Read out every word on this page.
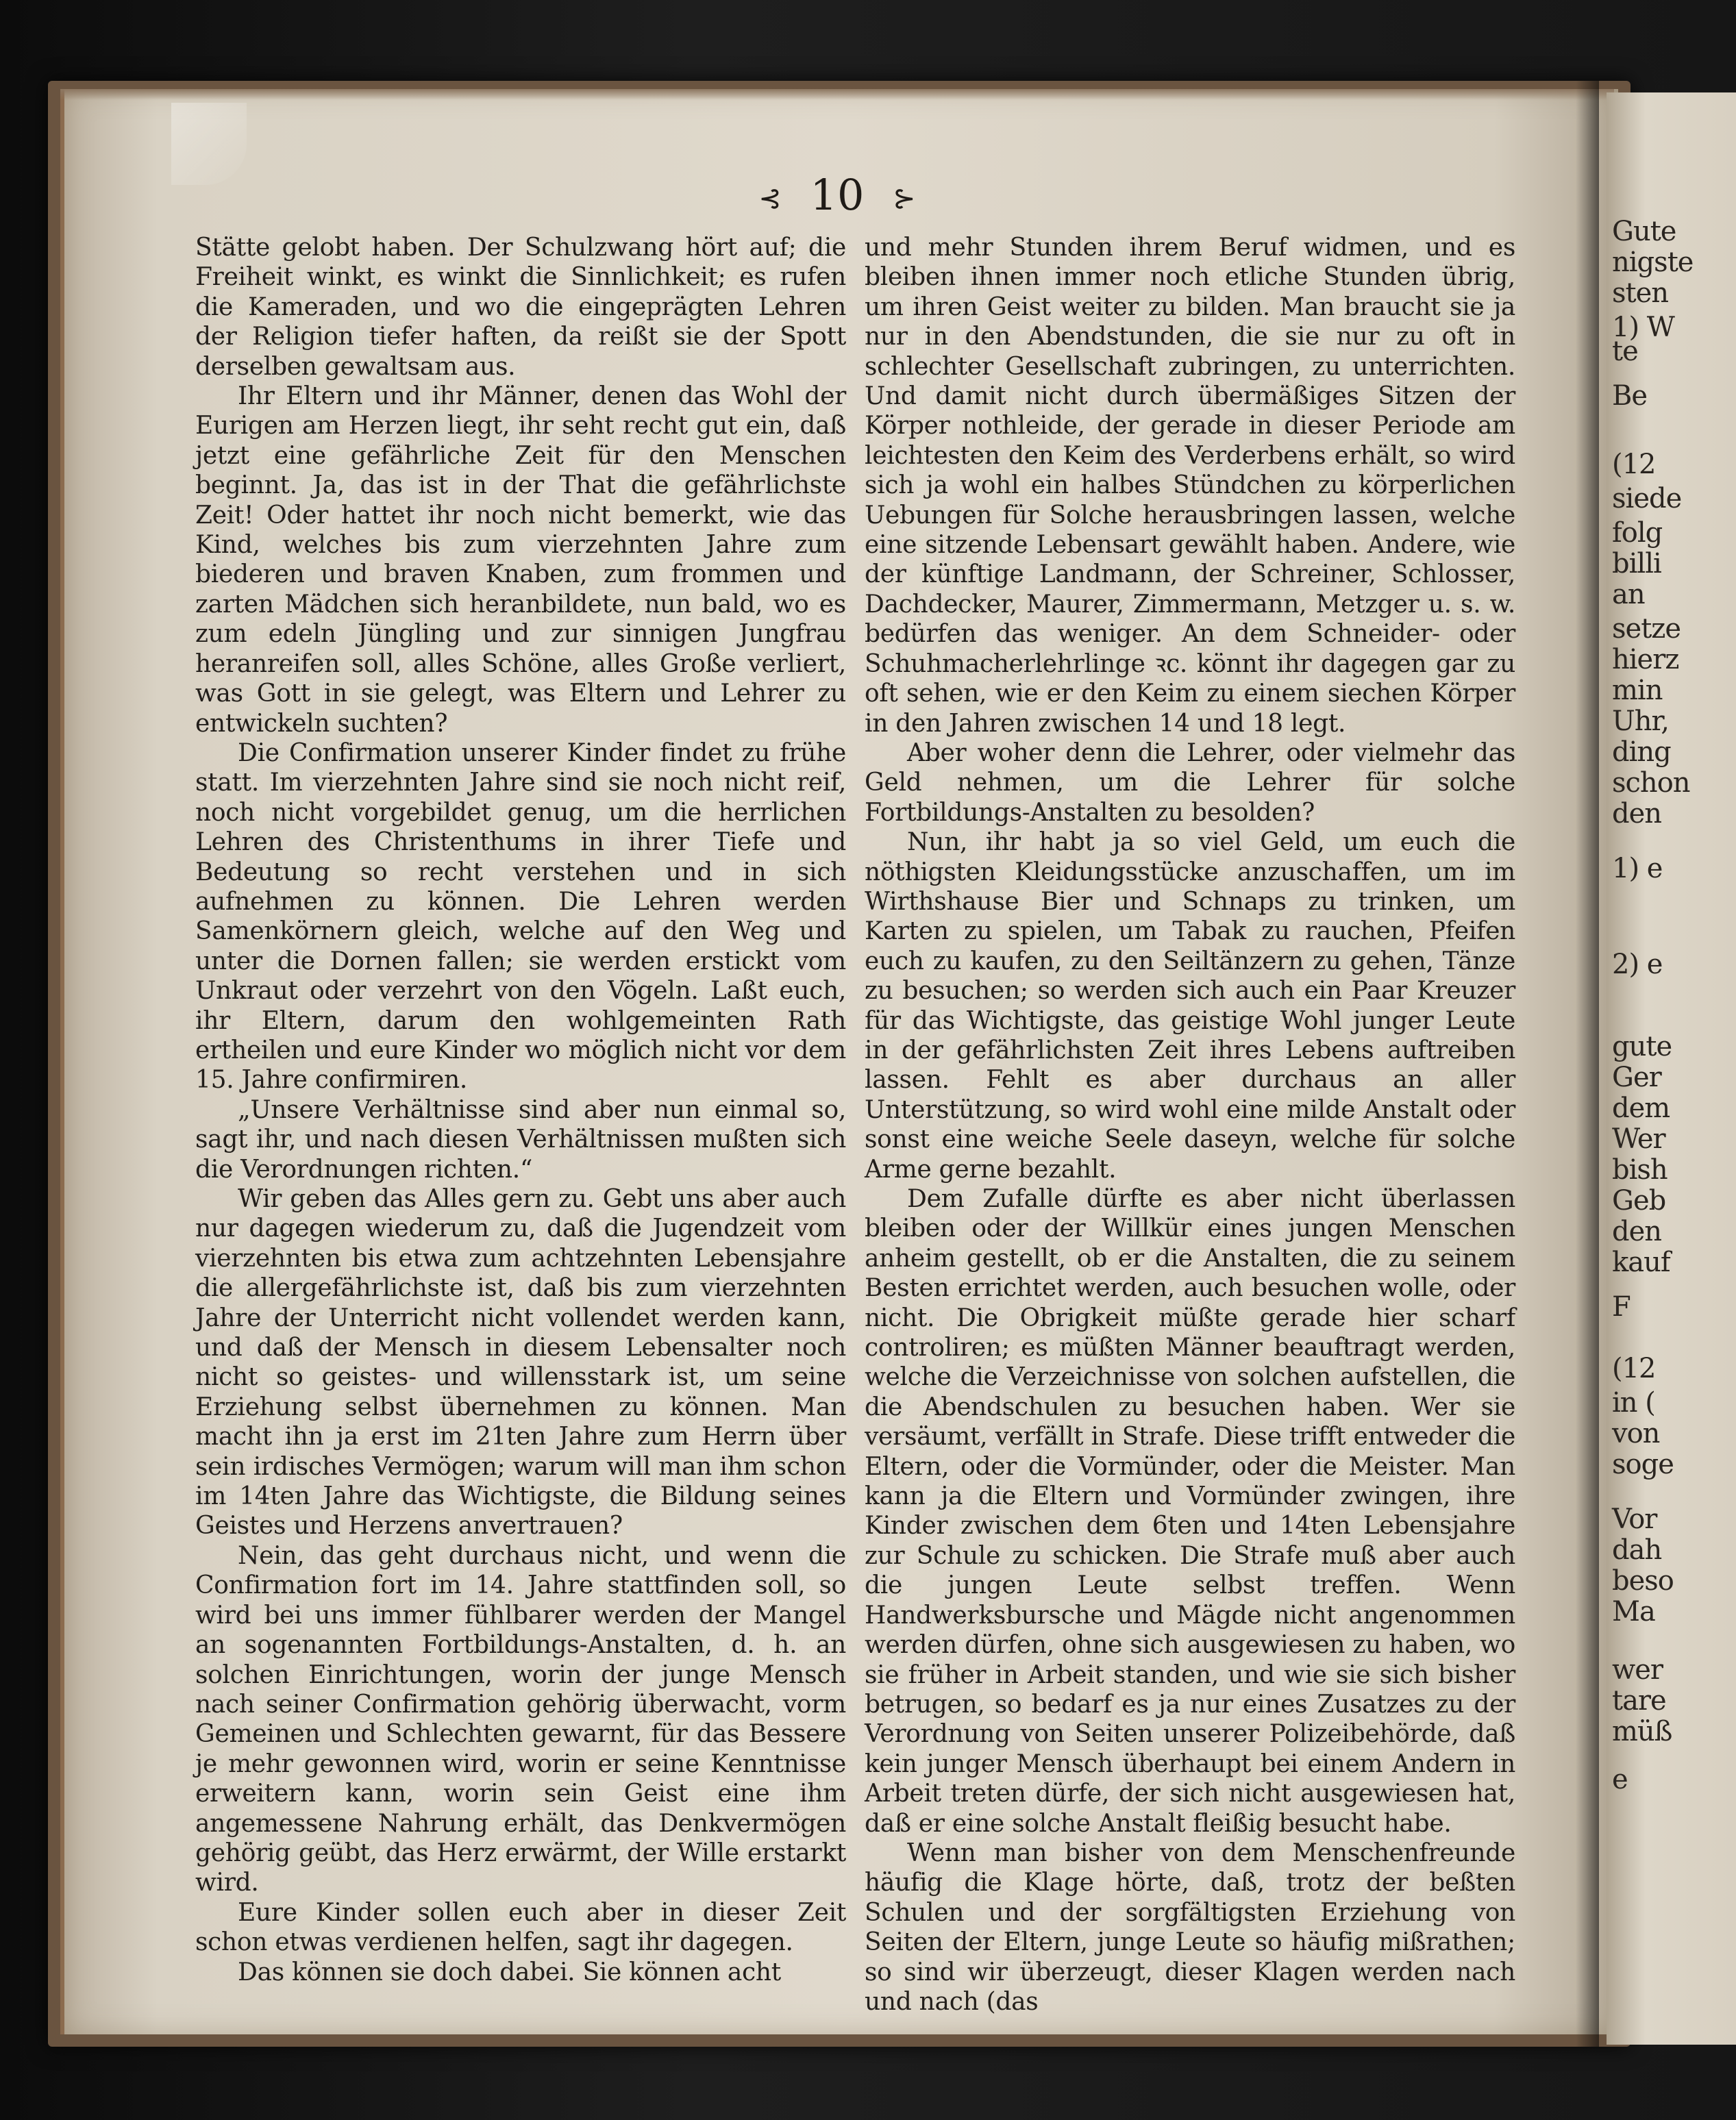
Gute
nigste
sten
1) W
te
Be
(12
siede
folg
billi
an
setze
hierz
min
Uhr,
ding
schon
den
1) e
2) e
gute
Ger
dem
Wer
bish
Geb
den
kauf
F
(12
in (
von
soge
Vor
dah
beso
Ma
wer
tare
müß
e
⊰ 10 ⊱

Stätte gelobt haben. Der Schulzwang hört auf; die Freiheit winkt, es winkt die Sinnlichkeit; es rufen die Kameraden, und wo die eingeprägten Lehren der Religion tiefer haften, da reißt sie der Spott derselben gewaltsam aus.

Ihr Eltern und ihr Männer, denen das Wohl der Eurigen am Herzen liegt, ihr seht recht gut ein, daß jetzt eine gefährliche Zeit für den Menschen beginnt. Ja, das ist in der That die gefährlichste Zeit! Oder hattet ihr noch nicht bemerkt, wie das Kind, welches bis zum vierzehnten Jahre zum biederen und braven Knaben, zum frommen und zarten Mädchen sich heranbildete, nun bald, wo es zum edeln Jüngling und zur sinnigen Jungfrau heranreifen soll, alles Schöne, alles Große verliert, was Gott in sie gelegt, was Eltern und Lehrer zu entwickeln suchten?

Die Confirmation unserer Kinder findet zu frühe statt. Im vierzehnten Jahre sind sie noch nicht reif, noch nicht vorgebildet genug, um die herrlichen Lehren des Christenthums in ihrer Tiefe und Bedeutung so recht verstehen und in sich aufnehmen zu können. Die Lehren werden Samenkörnern gleich, welche auf den Weg und unter die Dornen fallen; sie werden erstickt vom Unkraut oder verzehrt von den Vögeln. Laßt euch, ihr Eltern, darum den wohlgemeinten Rath ertheilen und eure Kinder wo möglich nicht vor dem 15. Jahre confirmiren.

„Unsere Verhältnisse sind aber nun einmal so, sagt ihr, und nach diesen Verhältnissen mußten sich die Verordnungen richten.“

Wir geben das Alles gern zu. Gebt uns aber auch nur dagegen wiederum zu, daß die Jugendzeit vom vierzehnten bis etwa zum achtzehnten Lebensjahre die allergefährlichste ist, daß bis zum vierzehnten Jahre der Unterricht nicht vollendet werden kann, und daß der Mensch in diesem Lebensalter noch nicht so geistes- und willensstark ist, um seine Erziehung selbst übernehmen zu können. Man macht ihn ja erst im 21ten Jahre zum Herrn über sein irdisches Vermögen; warum will man ihm schon im 14ten Jahre das Wichtigste, die Bildung seines Geistes und Herzens anvertrauen?

Nein, das geht durchaus nicht, und wenn die Confirmation fort im 14. Jahre stattfinden soll, so wird bei uns immer fühlbarer werden der Mangel an sogenannten Fortbildungs-Anstalten, d. h. an solchen Einrichtungen, worin der junge Mensch nach seiner Confirmation gehörig überwacht, vorm Gemeinen und Schlechten gewarnt, für das Bessere je mehr gewonnen wird, worin er seine Kenntnisse erweitern kann, worin sein Geist eine ihm angemessene Nahrung erhält, das Denkvermögen gehörig geübt, das Herz erwärmt, der Wille erstarkt wird.

Eure Kinder sollen euch aber in dieser Zeit schon etwas verdienen helfen, sagt ihr dagegen.

Das können sie doch dabei. Sie können acht

und mehr Stunden ihrem Beruf widmen, und es bleiben ihnen immer noch etliche Stunden übrig, um ihren Geist weiter zu bilden. Man braucht sie ja nur in den Abendstunden, die sie nur zu oft in schlechter Gesellschaft zubringen, zu unterrichten. Und damit nicht durch übermäßiges Sitzen der Körper nothleide, der gerade in dieser Periode am leichtesten den Keim des Verderbens erhält, so wird sich ja wohl ein halbes Stündchen zu körperlichen Uebungen für Solche herausbringen lassen, welche eine sitzende Lebensart gewählt haben. Andere, wie der künftige Landmann, der Schreiner, Schlosser, Dachdecker, Maurer, Zimmermann, Metzger u. s. w. bedürfen das weniger. An dem Schneider- oder Schuhmacherlehrlinge ꝛc. könnt ihr dagegen gar zu oft sehen, wie er den Keim zu einem siechen Körper in den Jahren zwischen 14 und 18 legt.

Aber woher denn die Lehrer, oder vielmehr das Geld nehmen, um die Lehrer für solche Fortbildungs-Anstalten zu besolden?

Nun, ihr habt ja so viel Geld, um euch die nöthigsten Kleidungsstücke anzuschaffen, um im Wirthshause Bier und Schnaps zu trinken, um Karten zu spielen, um Tabak zu rauchen, Pfeifen euch zu kaufen, zu den Seiltänzern zu gehen, Tänze zu besuchen; so werden sich auch ein Paar Kreuzer für das Wichtigste, das geistige Wohl junger Leute in der gefährlichsten Zeit ihres Lebens auftreiben lassen. Fehlt es aber durchaus an aller Unterstützung, so wird wohl eine milde Anstalt oder sonst eine weiche Seele daseyn, welche für solche Arme gerne bezahlt.

Dem Zufalle dürfte es aber nicht überlassen bleiben oder der Willkür eines jungen Menschen anheim gestellt, ob er die Anstalten, die zu seinem Besten errichtet werden, auch besuchen wolle, oder nicht. Die Obrigkeit müßte gerade hier scharf controliren; es müßten Männer beauftragt werden, welche die Verzeichnisse von solchen aufstellen, die die Abendschulen zu besuchen haben. Wer sie versäumt, verfällt in Strafe. Diese trifft entweder die Eltern, oder die Vormünder, oder die Meister. Man kann ja die Eltern und Vormünder zwingen, ihre Kinder zwischen dem 6ten und 14ten Lebensjahre zur Schule zu schicken. Die Strafe muß aber auch die jungen Leute selbst treffen. Wenn Handwerksbursche und Mägde nicht angenommen werden dürfen, ohne sich ausgewiesen zu haben, wo sie früher in Arbeit standen, und wie sie sich bisher betrugen, so bedarf es ja nur eines Zusatzes zu der Verordnung von Seiten unserer Polizeibehörde, daß kein junger Mensch überhaupt bei einem Andern in Arbeit treten dürfe, der sich nicht ausgewiesen hat, daß er eine solche Anstalt fleißig besucht habe.

Wenn man bisher von dem Menschenfreunde häufig die Klage hörte, daß, trotz der beßten Schulen und der sorgfältigsten Erziehung von Seiten der Eltern, junge Leute so häufig mißrathen; so sind wir überzeugt, dieser Klagen werden nach und nach (das
